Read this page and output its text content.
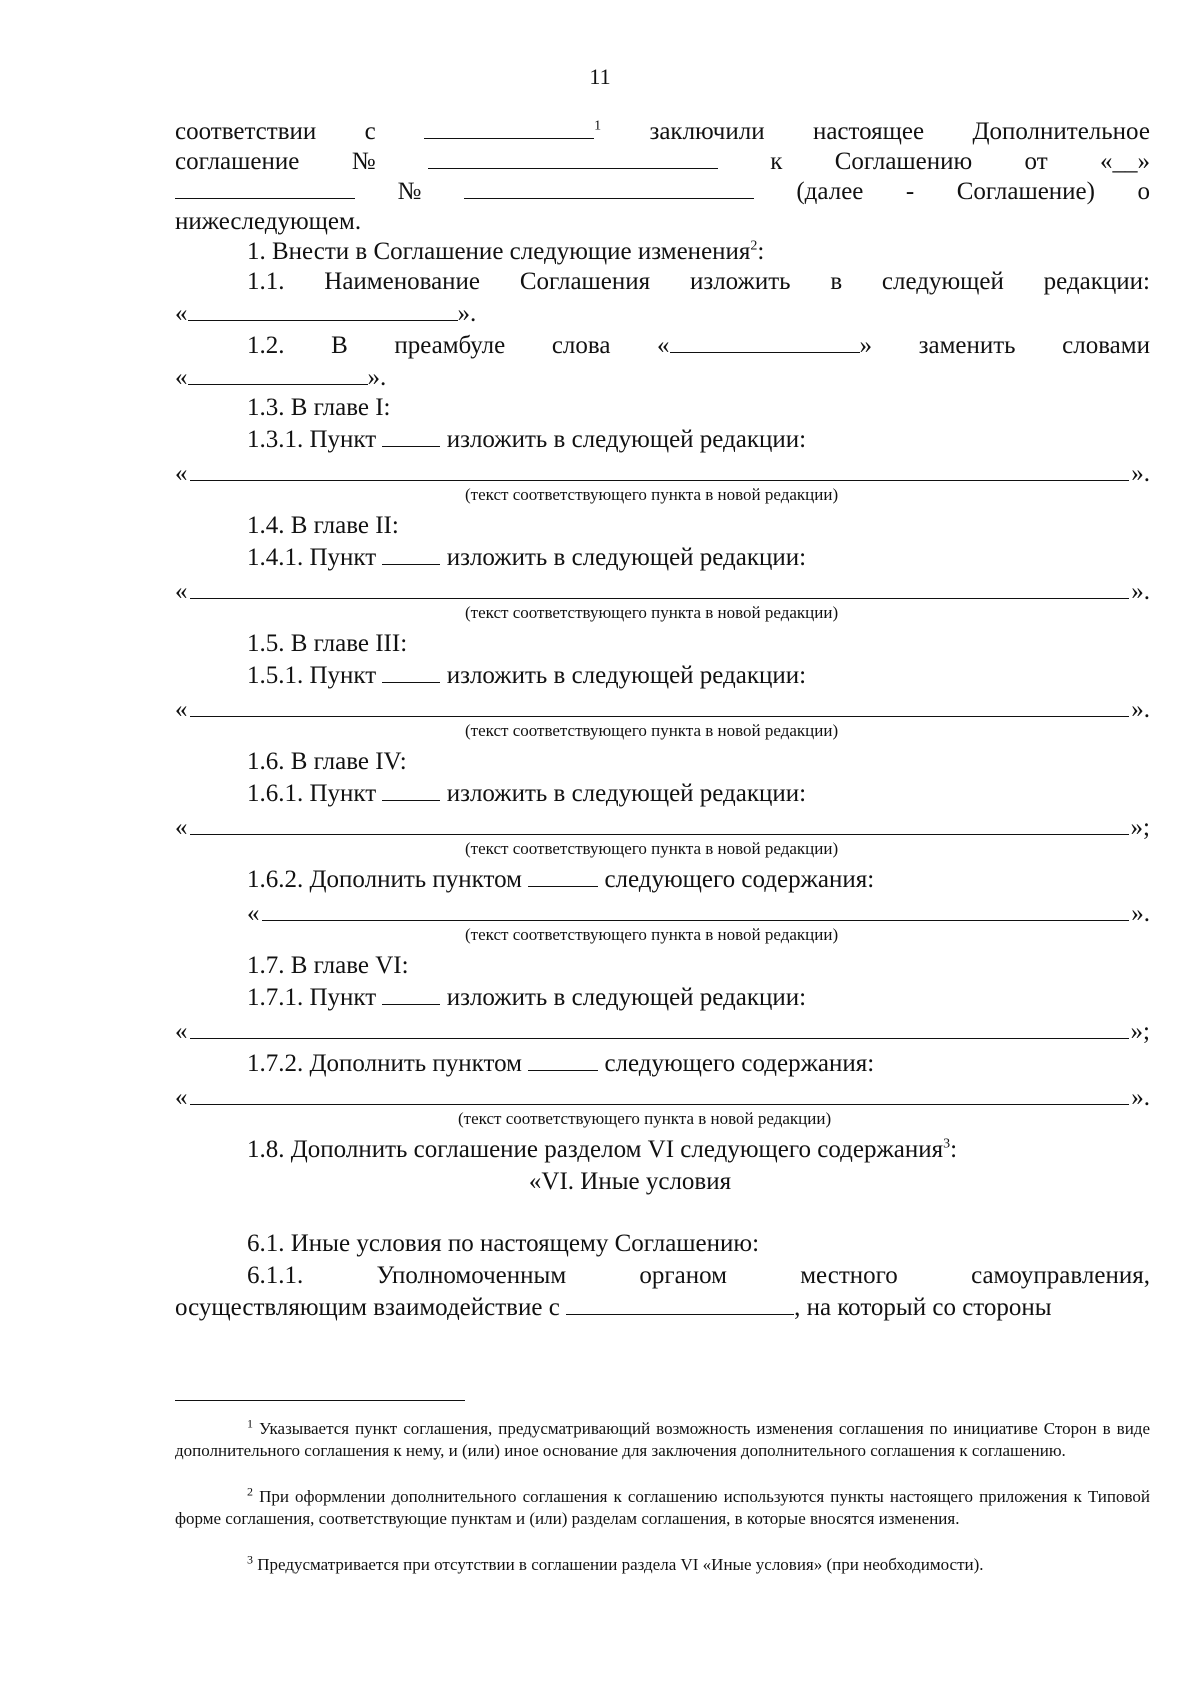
11
соответствии с	$^1$ заключили настоящее Дополнительное
соглашение №	к Соглашению от «__»
№	(далее - Соглашение) о
нижеследующем.
1. Внести в Соглашение следующие изменения$^2$:
1.1. Наименование Соглашения изложить в следующей редакции:
«	».
1.2. В преамбуле слова «	» заменить словами
«	».
1.3. В главе I:
1.3.1. Пункт	изложить в следующей редакции:
«	».
(текст соответствующего пункта в новой редакции)
1.4. В главе II:
1.4.1. Пункт	изложить в следующей редакции:
«	».
(текст соответствующего пункта в новой редакции)
1.5. В главе III:
1.5.1. Пункт	изложить в следующей редакции:
«	».
(текст соответствующего пункта в новой редакции)
1.6. В главе IV:
1.6.1. Пункт	изложить в следующей редакции:
«	»;
(текст соответствующего пункта в новой редакции)
1.6.2. Дополнить пунктом	следующего содержания:
«	».
(текст соответствующего пункта в новой редакции)
1.7. В главе VI:
1.7.1. Пункт	изложить в следующей редакции:
«	»;
1.7.2. Дополнить пунктом	следующего содержания:
«	».
(текст соответствующего пункта в новой редакции)
1.8. Дополнить соглашение разделом VI следующего содержания$^3$:
«VI. Иные условия
6.1. Иные условия по настоящему Соглашению:
6.1.1.	Уполномоченным	органом	местного	самоуправления,
осуществляющим взаимодействие с	, на который со стороны
$^1$ Указывается пункт соглашения, предусматривающий возможность изменения соглашения по инициативе Сторон в виде дополнительного соглашения к нему, и (или) иное основание для заключения дополнительного соглашения к соглашению.
$^2$ При оформлении дополнительного соглашения к соглашению используются пункты настоящего приложения к Типовой форме соглашения, соответствующие пунктам и (или) разделам соглашения, в которые вносятся изменения.
$^3$ Предусматривается при отсутствии в соглашении раздела VI «Иные условия» (при необходимости).
